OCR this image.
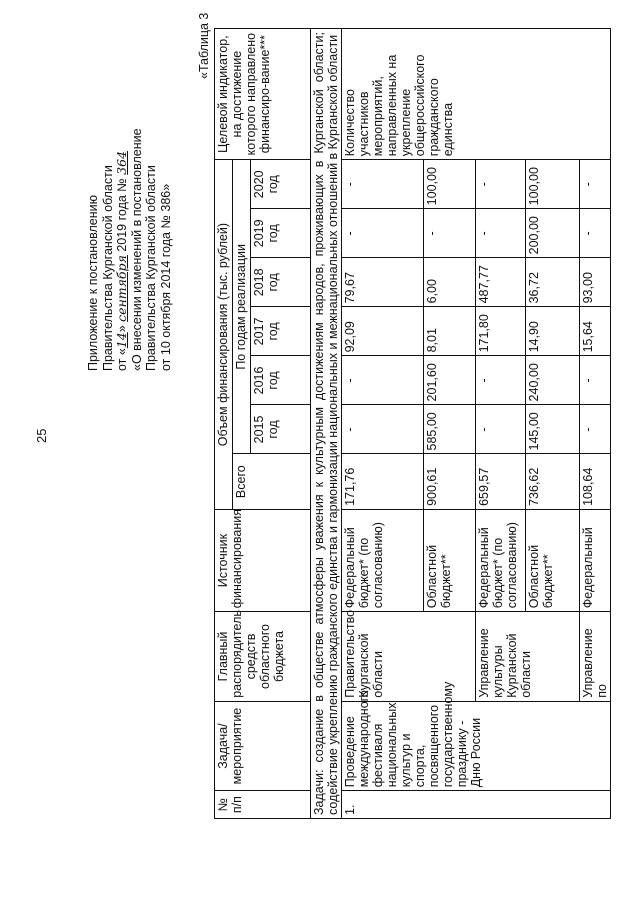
25
Приложение к постановлению Правительства Курганской области от «14» сентября 2019 года № 364 «О внесении изменений в постановление Правительства Курганской области от 10 октября 2014 года № 386»
«Таблица 3
№ п/п	Задача/ мероприятие	Главный распорядитель средств областного бюджета	Источник финансирования	Объем финансирования (тыс. рублей)							Целевой индикатор, на достижение которого направлено финансиро-вание***
				Всего	По годам реализации						
					2015 год	2016 год	2017 год	2018 год	2019 год	2020 год	
Задачи: создание в обществе атмосферы уважения к культурным достижениям народов, проживающих в Курганской области; содействие укреплению гражданского единства и гармонизации национальных и межнациональных отношений в Курганской области											
1.	Проведение международного фестиваля национальных культур и спорта, посвященного государственному празднику - Дню России	Правительство Курганской области	Федеральный бюджет* (по согласованию)	171,76	-	-	92,09	79,67	-	-	Количество участников мероприятий, направленных на укрепление общероссийского гражданского единства
			Областной бюджет**	900,61	585,00	201,60	8,01	6,00	-	100,00	
		Управление культуры Курганской области	Федеральный бюджет* (по согласованию)	659,57	-	-	171,80	487,77	-	-	
			Областной бюджет**	736,62	145,00	240,00	14,90	36,72	200,00	100,00	
		Управление по	Федеральный	108,64	-	-	15,64	93,00	-	-	
